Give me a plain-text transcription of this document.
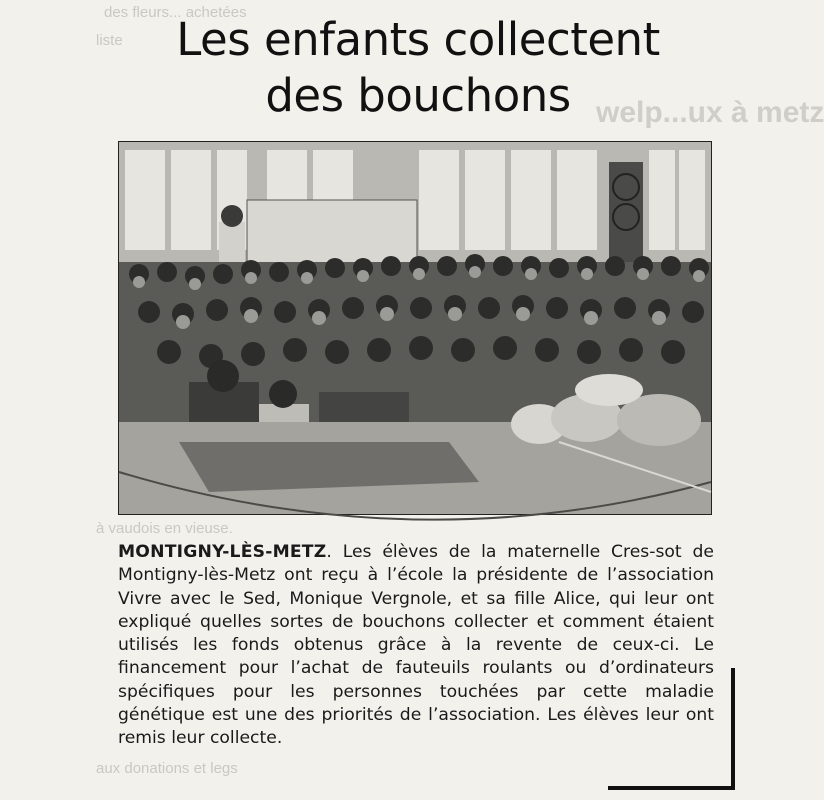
des fleurs... achetées
liste
welp...ux à metz
à vaudois en vieuse.
aux donations et legs
Les enfants collectent
des bouchons

MONTIGNY-LÈS-METZ. Les élèves de la maternelle Cres-sot de Montigny-lès-Metz ont reçu à l’école la présidente de l’association Vivre avec le Sed, Monique Vergnole, et sa fille Alice, qui leur ont expliqué quelles sortes de bouchons collecter et comment étaient utilisés les fonds obtenus grâce à la revente de ceux-ci. Le financement pour l’achat de fauteuils roulants ou d’ordinateurs spécifiques pour les personnes touchées par cette maladie génétique est une des priorités de l’association. Les élèves leur ont remis leur collecte.
